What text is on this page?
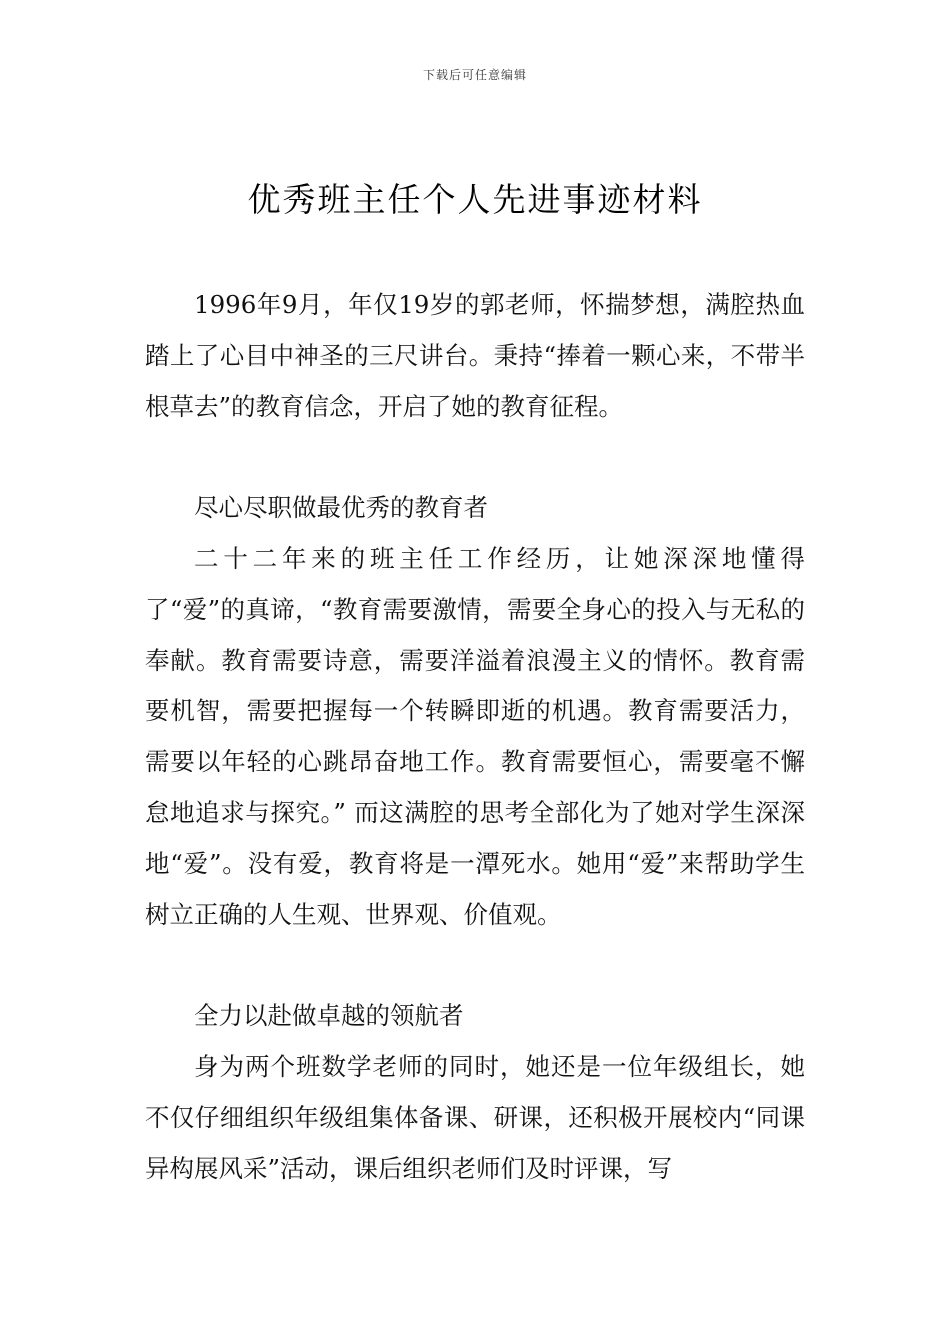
下载后可任意编辑
优秀班主任个人先进事迹材料

1996年9月，年仅19岁的郭老师，怀揣梦想，满腔热血踏上了心目中神圣的三尺讲台。秉持“捧着一颗心来，不带半根草去”的教育信念，开启了她的教育征程。

尽心尽职做最优秀的教育者

二十二年来的班主任工作经历，让她深深地懂得了“爱”的真谛，“教育需要激情，需要全身心的投入与无私的奉献。教育需要诗意，需要洋溢着浪漫主义的情怀。教育需要机智，需要把握每一个转瞬即逝的机遇。教育需要活力，需要以年轻的心跳昂奋地工作。教育需要恒心，需要毫不懈怠地追求与探究。” 而这满腔的思考全部化为了她对学生深深地“爱”。没有爱，教育将是一潭死水。她用“爱”来帮助学生树立正确的人生观、世界观、价值观。

全力以赴做卓越的领航者

身为两个班数学老师的同时，她还是一位年级组长，她不仅仔细组织年级组集体备课、研课，还积极开展校内“同课异构展风采”活动，课后组织老师们及时评课，写
